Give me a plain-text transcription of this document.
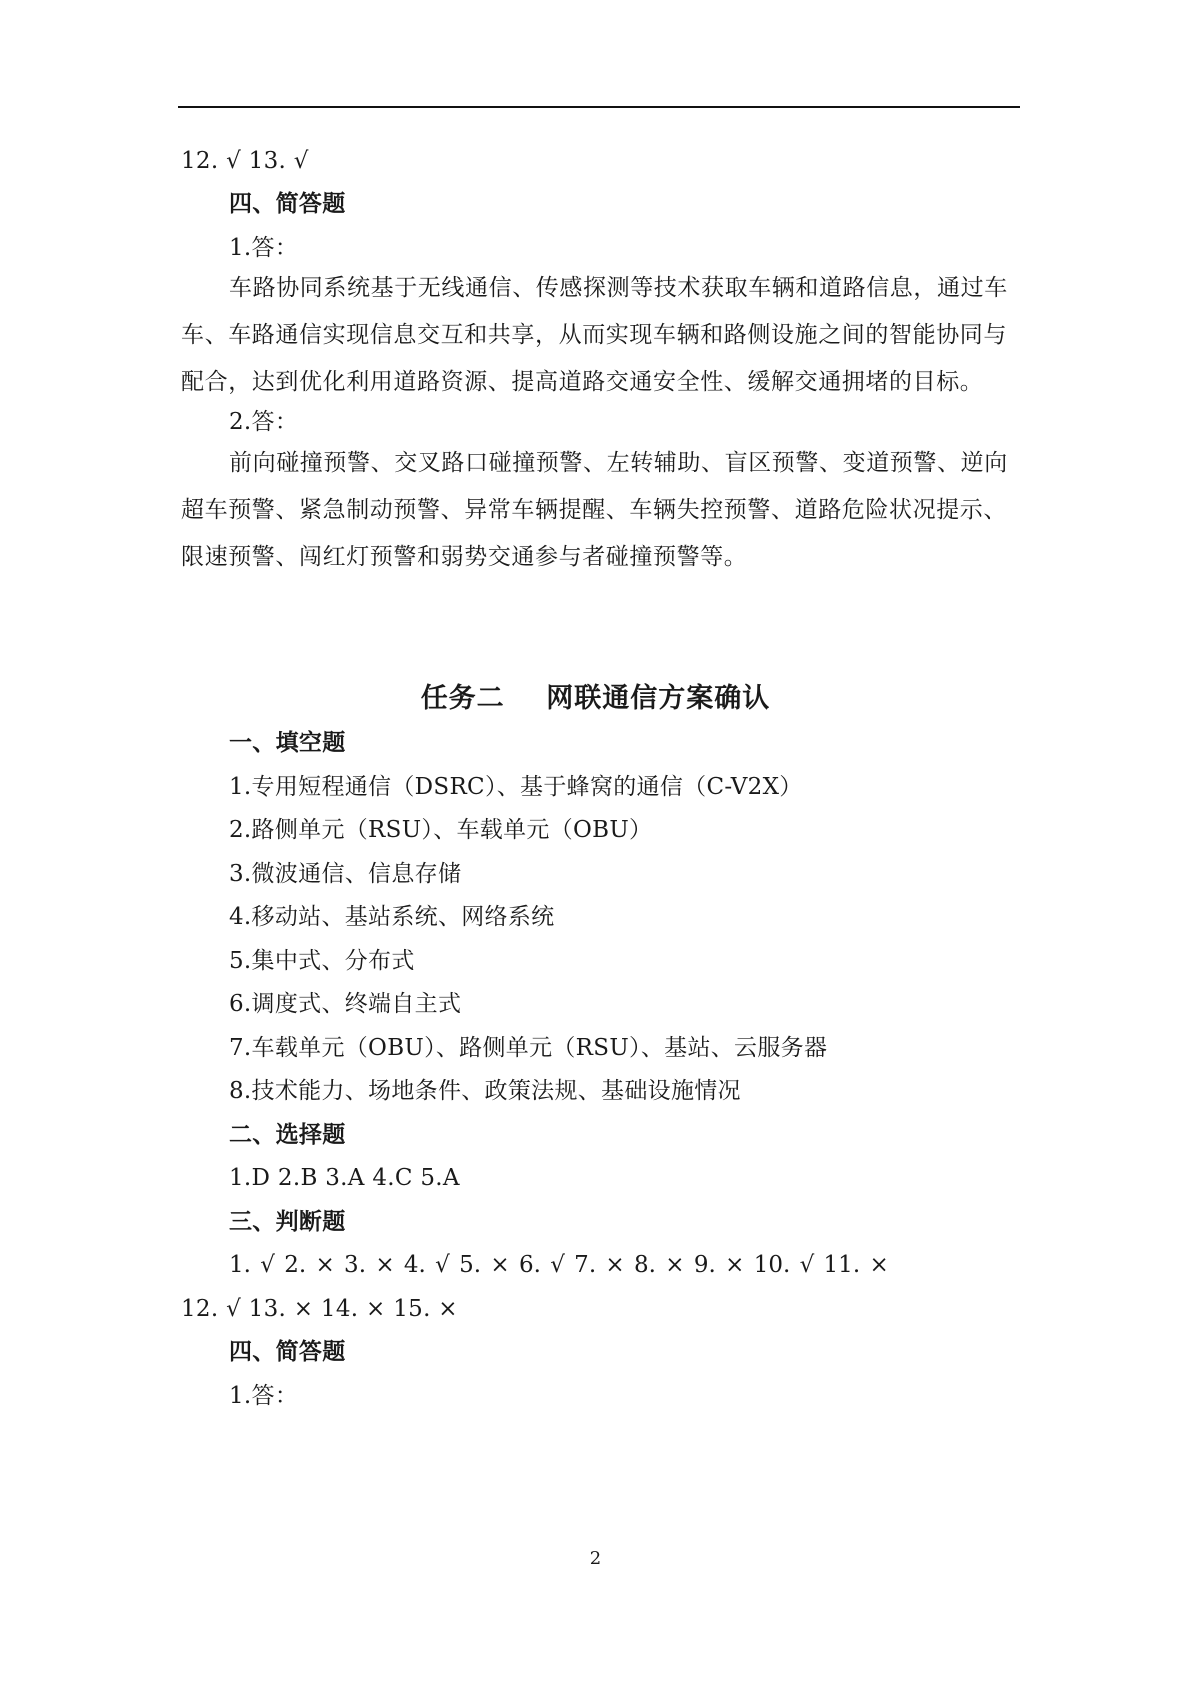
12. √ 13. √
四、简答题
1.答：

车路协同系统基于无线通信、传感探测等技术获取车辆和道路信息，通过车车、车路通信实现信息交互和共享，从而实现车辆和路侧设施之间的智能协同与配合，达到优化利用道路资源、提高道路交通安全性、缓解交通拥堵的目标。

2.答：

前向碰撞预警、交叉路口碰撞预警、左转辅助、盲区预警、变道预警、逆向超车预警、紧急制动预警、异常车辆提醒、车辆失控预警、道路危险状况提示、限速预警、闯红灯预警和弱势交通参与者碰撞预警等。

任务二    网联通信方案确认
一、填空题
1.专用短程通信（DSRC）、基于蜂窝的通信（C-V2X）
2.路侧单元（RSU）、车载单元（OBU）
3.微波通信、信息存储
4.移动站、基站系统、网络系统
5.集中式、分布式
6.调度式、终端自主式
7.车载单元（OBU）、路侧单元（RSU）、基站、云服务器
8.技术能力、场地条件、政策法规、基础设施情况
二、选择题
1.D 2.B 3.A 4.C 5.A
三、判断题
1. √ 2. × 3. × 4. √ 5. × 6. √ 7. × 8. × 9. × 10. √ 11. ×
12. √ 13. × 14. × 15. ×
四、简答题
1.答：
2
